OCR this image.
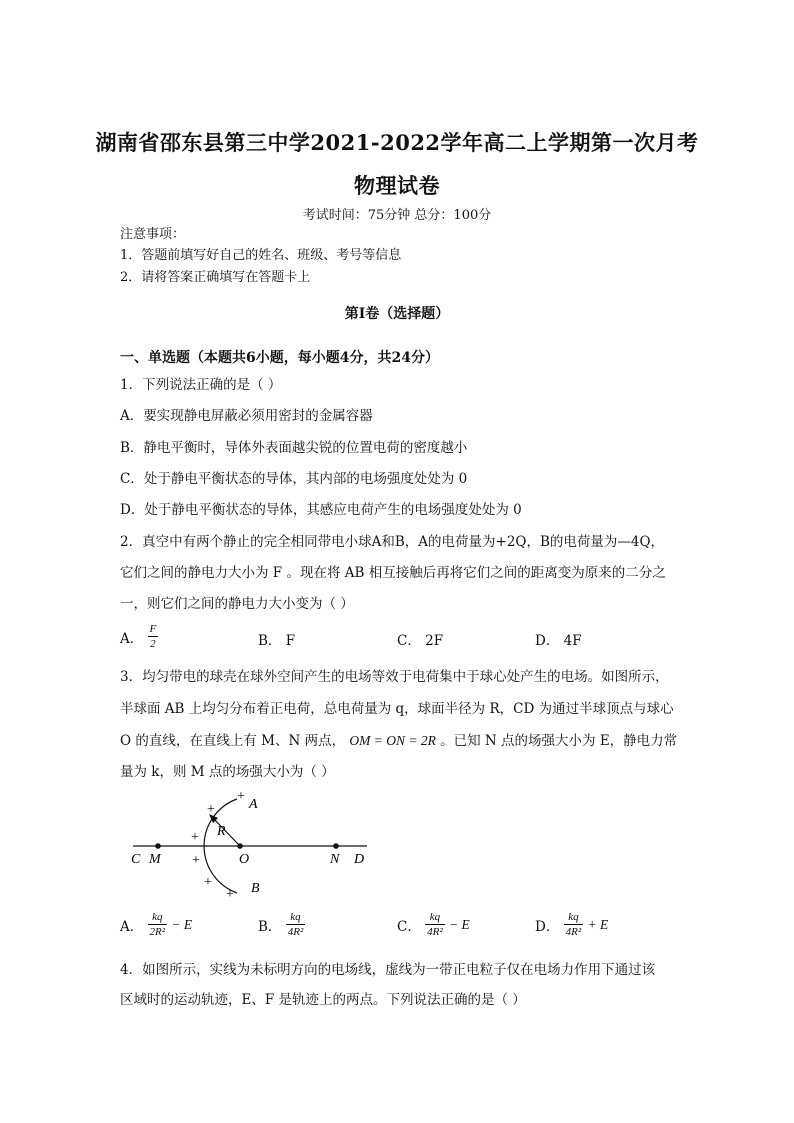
湖南省邵东县第三中学2021-2022学年高二上学期第一次月考
物理试卷
考试时间：75分钟 总分：100分
注意事项：
1．答题前填写好自己的姓名、班级、考号等信息
2．请将答案正确填写在答题卡上
第I卷（选择题）
一、单选题（本题共6小题，每小题4分，共24分）
1．下列说法正确的是（ ）
A．要实现静电屏蔽必须用密封的金属容器
B．静电平衡时，导体外表面越尖锐的位置电荷的密度越小
C．处于静电平衡状态的导体，其内部的电场强度处处为 0
D．处于静电平衡状态的导体，其感应电荷产生的电场强度处处为 0
2．真空中有两个静止的完全相同带电小球A和B，A的电荷量为+2Q，B的电荷量为—4Q，
它们之间的静电力大小为 F 。现在将 AB 相互接触后再将它们之间的距离变为原来的二分之
一，则它们之间的静电力大小变为（ ）
A． $\frac{F}{2}$	B． F	C． 2F	D． 4F
3．均匀带电的球壳在球外空间产生的电场等效于电荷集中于球心处产生的电场。如图所示，
半球面 AB 上均匀分布着正电荷，总电荷量为 q，球面半径为 R，CD 为通过半球顶点与球心
O 的直线，在直线上有 M、N 两点， OM = ON = 2R 。已知 N 点的场强大小为 E，静电力常
量为 k，则 M 点的场强大小为（ ）
+
+
+
+
+
+
A
B
R
C M	O	N D
A． $\frac{kq}{\text{2R²}} - E$	B． $\frac{kq}{\text{4R²}}$	C． $\frac{kq}{\text{4R²}} - E$	D． $\frac{kq}{\text{4R²}} + E$
4．如图所示，实线为未标明方向的电场线，虚线为一带正电粒子仅在电场力作用下通过该
区域时的运动轨迹，E、F 是轨迹上的两点。下列说法正确的是（ ）
